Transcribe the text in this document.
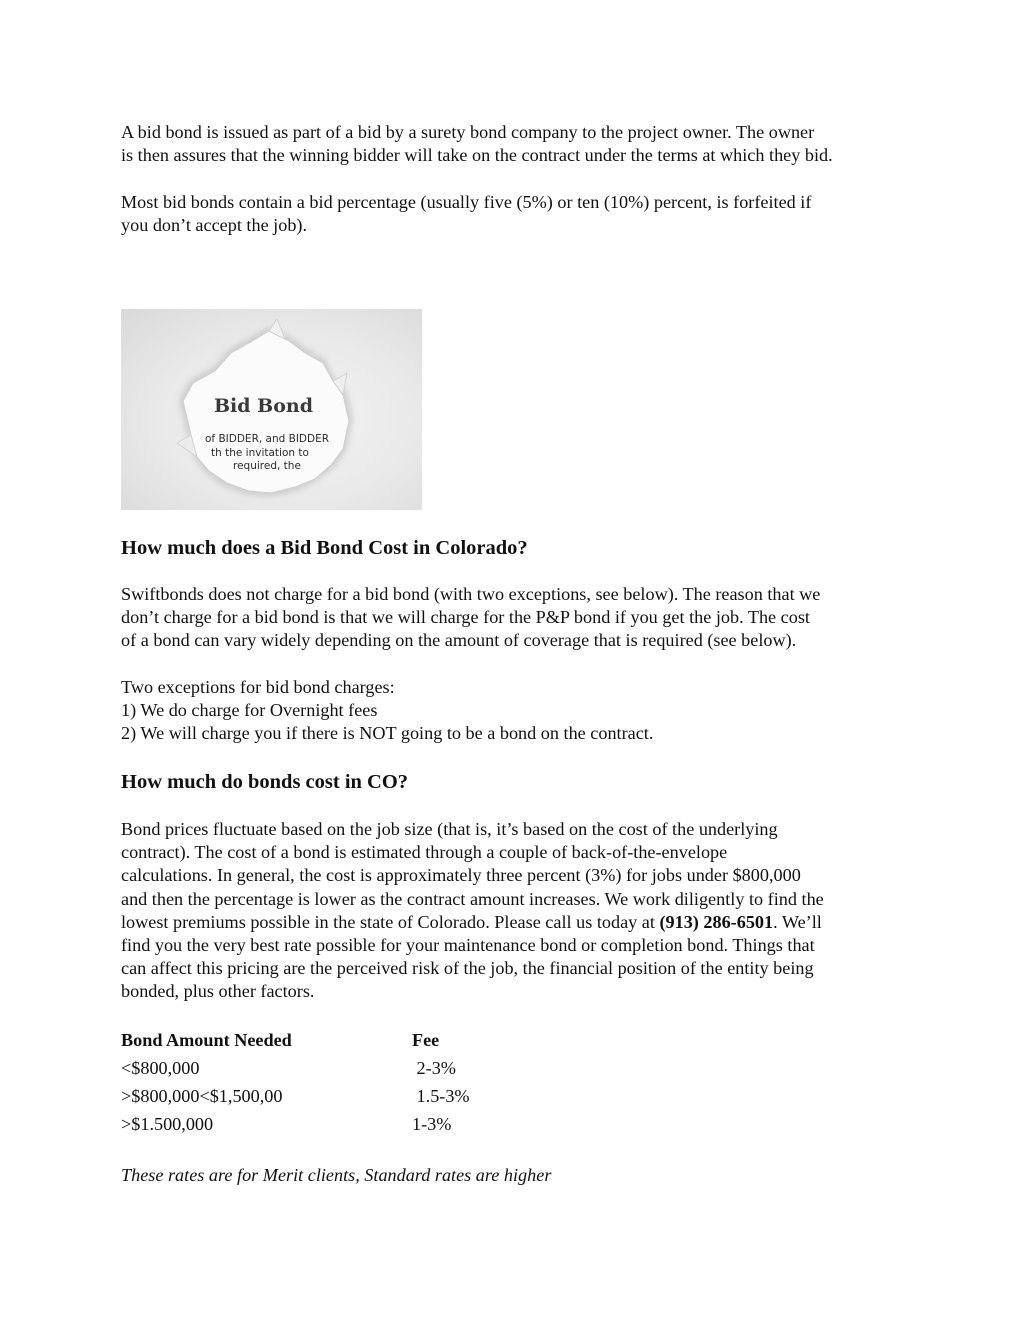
A bid bond is issued as part of a bid by a surety bond company to the project owner. The owner
is then assures that the winning bidder will take on the contract under the terms at which they bid.

Most bid bonds contain a bid percentage (usually five (5%) or ten (10%) percent, is forfeited if
you don’t accept the job).

Bid Bond
of BIDDER, and BIDDER
th the invitation to
required, the
How much does a Bid Bond Cost in Colorado?

Swiftbonds does not charge for a bid bond (with two exceptions, see below). The reason that we
don’t charge for a bid bond is that we will charge for the P&P bond if you get the job. The cost
of a bond can vary widely depending on the amount of coverage that is required (see below).

Two exceptions for bid bond charges:
1) We do charge for Overnight fees
2) We will charge you if there is NOT going to be a bond on the contract.

How much do bonds cost in CO?

Bond prices fluctuate based on the job size (that is, it’s based on the cost of the underlying
contract). The cost of a bond is estimated through a couple of back-of-the-envelope
calculations. In general, the cost is approximately three percent (3%) for jobs under $800,000
and then the percentage is lower as the contract amount increases. We work diligently to find the
lowest premiums possible in the state of Colorado. Please call us today at (913) 286-6501. We’ll
find you the very best rate possible for your maintenance bond or completion bond. Things that
can affect this pricing are the perceived risk of the job, the financial position of the entity being
bonded, plus other factors.

Bond Amount Needed	Fee
<$800,000	2-3%
>$800,000<$1,500,00	1.5-3%
>$1.500,000	1-3%

These rates are for Merit clients, Standard rates are higher
